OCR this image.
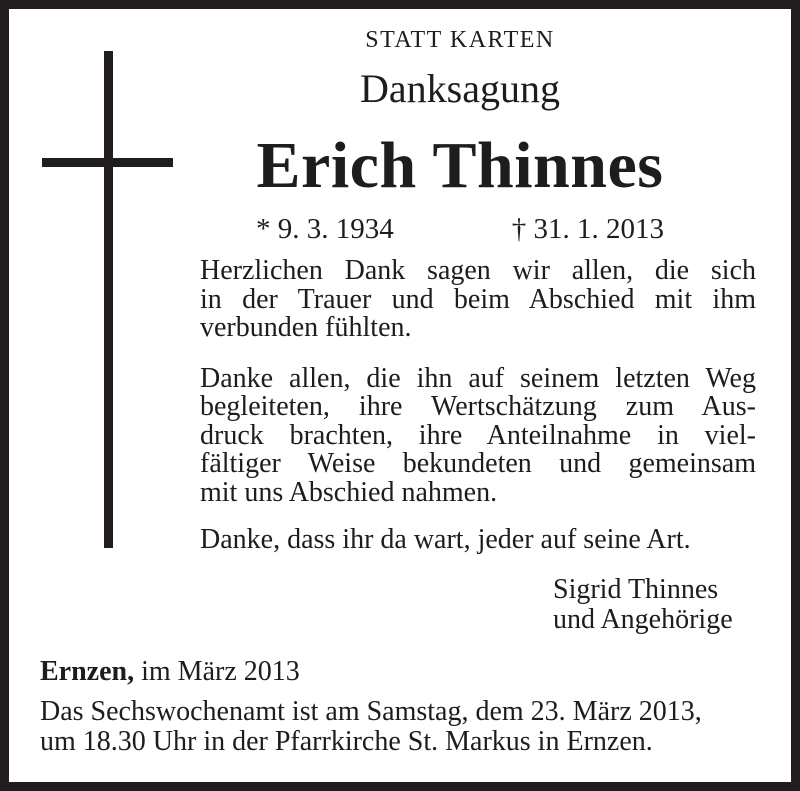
STATT KARTEN
Danksagung
Erich Thinnes
* 9. 3. 1934	† 31. 1. 2013
Herzlichen Dank sagen wir allen, die sich
in der Trauer und beim Abschied mit ihm
verbunden fühlten.
Danke allen, die ihn auf seinem letzten Weg
begleiteten, ihre Wertschätzung zum Aus-
druck brachten, ihre Anteilnahme in viel-
fältiger Weise bekundeten und gemeinsam
mit uns Abschied nahmen.
Danke, dass ihr da wart, jeder auf seine Art.
Sigrid Thinnes
und Angehörige
Ernzen, im März 2013
Das Sechswochenamt ist am Samstag, dem 23. März 2013,
um 18.30 Uhr in der Pfarrkirche St. Markus in Ernzen.
